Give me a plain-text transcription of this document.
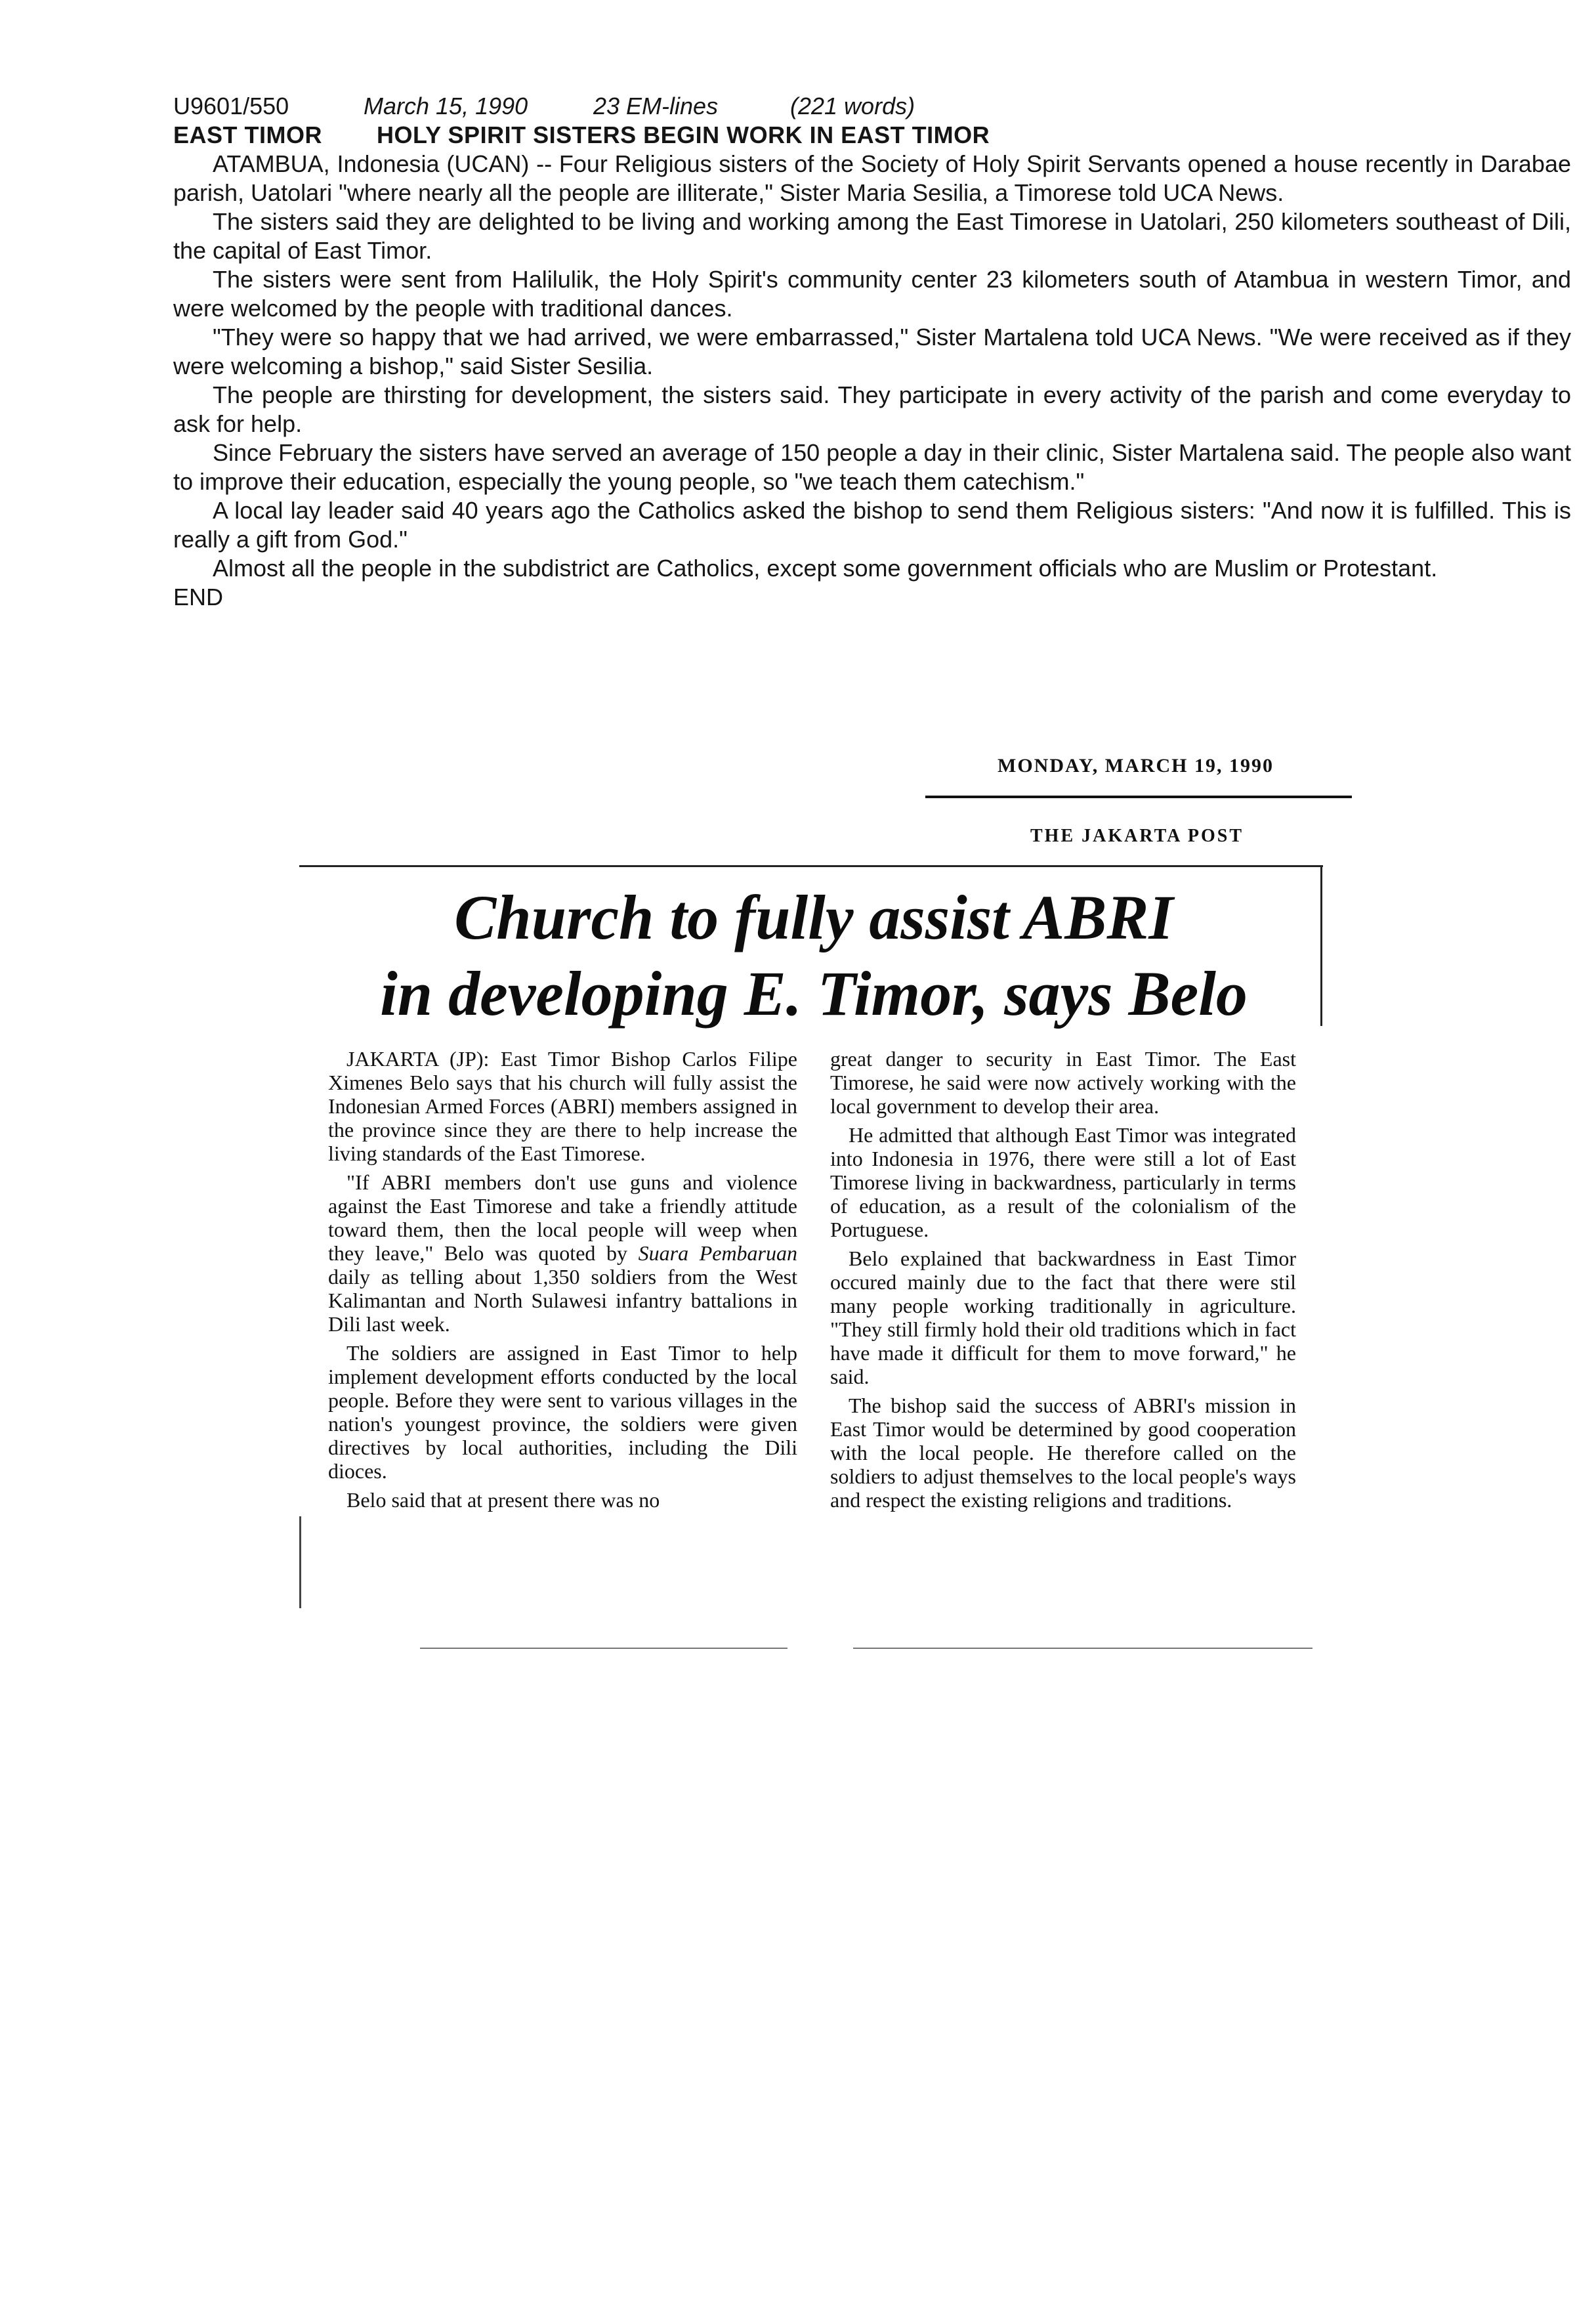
U9601/550	March 15, 1990	23 EM-lines	(221 words)
EAST TIMOR	HOLY SPIRIT SISTERS BEGIN WORK IN EAST TIMOR

ATAMBUA, Indonesia (UCAN) -- Four Religious sisters of the Society of Holy Spirit Servants opened a house recently in Darabae parish, Uatolari "where nearly all the people are illiterate," Sister Maria Sesilia, a Timorese told UCA News.

The sisters said they are delighted to be living and working among the East Timorese in Uatolari, 250 kilometers southeast of Dili, the capital of East Timor.

The sisters were sent from Halilulik, the Holy Spirit's community center 23 kilometers south of Atambua in western Timor, and were welcomed by the people with traditional dances.

"They were so happy that we had arrived, we were embarrassed," Sister Martalena told UCA News. "We were received as if they were welcoming a bishop," said Sister Sesilia.

The people are thirsting for development, the sisters said. They participate in every activity of the parish and come everyday to ask for help.

Since February the sisters have served an average of 150 people a day in their clinic, Sister Martalena said. The people also want to improve their education, especially the young people, so "we teach them catechism."

A local lay leader said 40 years ago the Catholics asked the bishop to send them Religious sisters: "And now it is fulfilled. This is really a gift from God."

Almost all the people in the subdistrict are Catholics, except some government officials who are Muslim or Protestant.

END
MONDAY, MARCH 19, 1990
THE JAKARTA POST
Church to fully assist ABRI
in developing E. Timor, says Belo

JAKARTA (JP): East Timor Bishop Carlos Filipe Ximenes Belo says that his church will fully assist the Indonesian Armed Forces (ABRI) members assigned in the province since they are there to help increase the living standards of the East Timorese.

"If ABRI members don't use guns and violence against the East Timorese and take a friendly attitude toward them, then the local people will weep when they leave," Belo was quoted by Suara Pembaruan daily as telling about 1,350 soldiers from the West Kalimantan and North Sulawesi infantry battalions in Dili last week.

The soldiers are assigned in East Timor to help implement development efforts conducted by the local people. Before they were sent to various villages in the nation's youngest province, the soldiers were given directives by local authorities, including the Dili dioces.

Belo said that at present there was no

great danger to security in East Timor. The East Timorese, he said were now actively working with the local government to develop their area.

He admitted that although East Timor was integrated into Indonesia in 1976, there were still a lot of East Timorese living in backwardness, particularly in terms of education, as a result of the colonialism of the Portuguese.

Belo explained that backwardness in East Timor occured mainly due to the fact that there were stil many people working traditionally in agriculture. "They still firmly hold their old traditions which in fact have made it difficult for them to move forward," he said.

The bishop said the success of ABRI's mission in East Timor would be determined by good cooperation with the local people. He therefore called on the soldiers to adjust themselves to the local people's ways and respect the existing religions and traditions.
